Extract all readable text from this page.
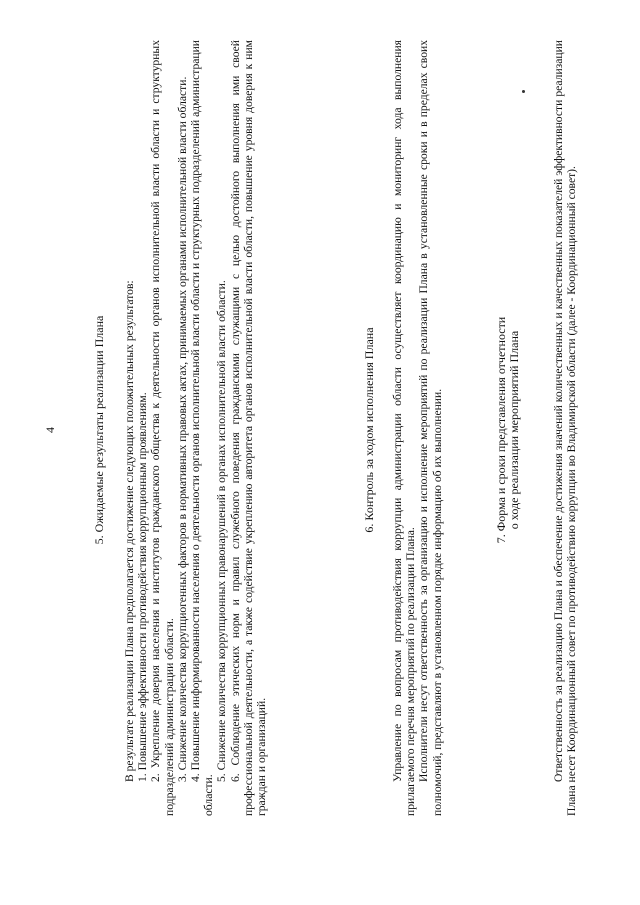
4	5. Ожидаемые результаты реализации Плана В результате реализации Плана предполагается достижение следующих положительных результатов: 1. Повышение эффективности противодействия коррупционным проявлениям. 2. Укрепление доверия населения и институтов гражданского общества к деятельности органов исполнительной власти области и структурных подразделений администрации области. 3. Снижение количества коррупциогенных факторов в нормативных правовых актах, принимаемых органами исполнительной власти области. 4. Повышение информированности населения о деятельности органов исполнительной власти области и структурных подразделений администрации области.

5. Снижение количества коррупционных правонарушений в органах исполнительной власти области. 6. Соблюдение этических норм и правил служебного поведения гражданскими служащими с целью достойного выполнения ими своей профессиональной деятельности, а также содействие укреплению авторитета органов исполнительной власти области, повышение уровня доверия к ним граждан и организаций.

6. Контроль за ходом исполнения Плана Управление по вопросам противодействия коррупции администрации области осуществляет координацию и мониторинг хода выполнения прилагаемого перечня мероприятий по реализации Плана. Исполнители несут ответственность за организацию и исполнение мероприятий по реализации Плана в установленные сроки и в пределах своих полномочий, представляют в установленном порядке информацию об их выполнении.	7. Форма и сроки представления отчетности о ходе реализации мероприятий Плана	Ответственность за реализацию Плана и обеспечение достижения значений количественных и качественных показателей эффективности реализации Плана несет Координационный совет по противодействию коррупции во Владимирской области (далее - Координационный совет).
